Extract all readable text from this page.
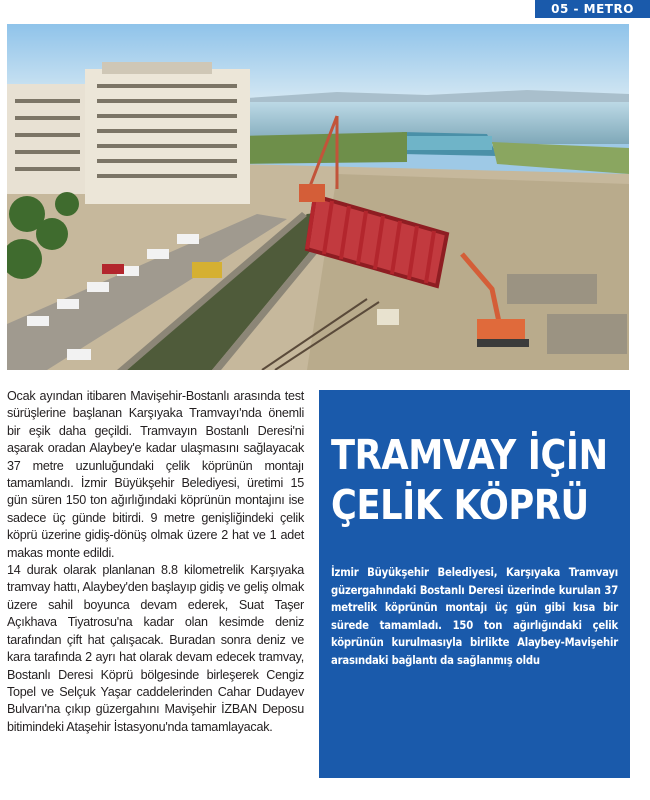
05 - METRO

Ocak ayından itibaren Mavişehir-Bostanlı arasında test sürüşlerine başlanan Karşıyaka Tramvayı'nda önemli bir eşik daha geçildi. Tramvayın Bostanlı Deresi'ni aşarak oradan Alaybey'e kadar ulaşmasını sağlayacak 37 metre uzunluğundaki çelik köprünün montajı tamamlandı. İzmir Büyükşehir Belediyesi, üretimi 15 gün süren 150 ton ağırlığındaki köprünün montajını ise sadece üç günde bitirdi. 9 metre genişliğindeki çelik köprü üzerine gidiş-dönüş olmak üzere 2 hat ve 1 adet makas monte edildi.

14 durak olarak planlanan 8.8 kilometrelik Karşıyaka tramvay hattı, Alaybey'den başlayıp gidiş ve geliş olmak üzere sahil boyunca devam ederek, Suat Taşer Açıkhava Tiyatrosu'na kadar olan kesimde deniz tarafından çift hat çalışacak. Buradan sonra deniz ve kara tarafında 2 ayrı hat olarak devam edecek tramvay, Bostanlı Deresi Köprü bölgesinde birleşerek Cengiz Topel ve Selçuk Yaşar caddelerinden Cahar Dudayev Bulvarı'na çıkıp güzergahını Mavişehir İZBAN Deposu bitimindeki Ataşehir İstasyonu'nda tamamlayacak.

TRAMVAY İÇİN
ÇELİK KÖPRÜ

İzmir Büyükşehir Belediyesi, Karşıyaka Tramvayı güzergahındaki Bostanlı Deresi üzerinde kurulan 37 metrelik köprünün montajı üç gün gibi kısa bir sürede tamamladı. 150 ton ağırlığındaki çelik köprünün kurulmasıyla birlikte Alaybey-Mavişehir arasındaki bağlantı da sağlanmış oldu
